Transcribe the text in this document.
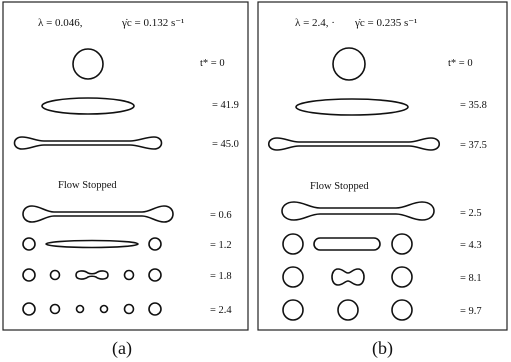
λ = 0.046,	γ̇c = 0.132 s⁻¹
t* = 0
= 41.9
= 45.0
Flow Stopped
= 0.6
= 1.2
= 1.8
= 2.4
(a)
λ = 2.4, · γ̇c = 0.235 s⁻¹
t* = 0
= 35.8
= 37.5
Flow Stopped
= 2.5
= 4.3
= 8.1
= 9.7
(b)
